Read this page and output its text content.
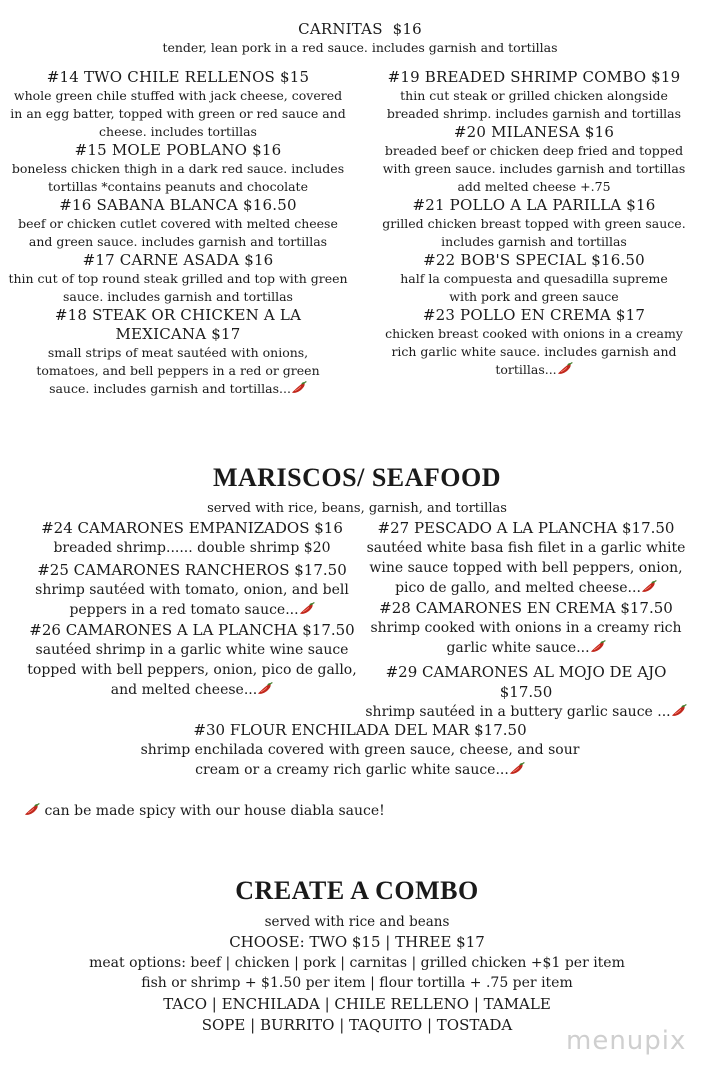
CARNITAS $16
tender, lean pork in a red sauce. includes garnish and tortillas
#14 TWO CHILE RELLENOS $15
whole green chile stuffed with jack cheese, covered in an egg batter, topped with green or red sauce and cheese. includes tortillas
#15 MOLE POBLANO $16
boneless chicken thigh in a dark red sauce. includes tortillas *contains peanuts and chocolate
#16 SABANA BLANCA $16.50
beef or chicken cutlet covered with melted cheese and green sauce. includes garnish and tortillas
#17 CARNE ASADA $16
thin cut of top round steak grilled and top with green sauce. includes garnish and tortillas
#18 STEAK OR CHICKEN A LA MEXICANA $17
small strips of meat sautéed with onions, tomatoes, and bell peppers in a red or green sauce. includes garnish and tortillas...
#19 BREADED SHRIMP COMBO $19
thin cut steak or grilled chicken alongside breaded shrimp. includes garnish and tortillas
#20 MILANESA $16
breaded beef or chicken deep fried and topped with green sauce. includes garnish and tortillas
add melted cheese +.75
#21 POLLO A LA PARILLA $16
grilled chicken breast topped with green sauce. includes garnish and tortillas
#22 BOB'S SPECIAL $16.50
half la compuesta and quesadilla supreme with pork and green sauce
#23 POLLO EN CREMA $17
chicken breast cooked with onions in a creamy rich garlic white sauce. includes garnish and tortillas...
MARISCOS/ SEAFOOD
served with rice, beans, garnish, and tortillas
#24 CAMARONES EMPANIZADOS $16
breaded shrimp...... double shrimp $20
#25 CAMARONES RANCHEROS $17.50
shrimp sautéed with tomato, onion, and bell peppers in a red tomato sauce...
#26 CAMARONES A LA PLANCHA $17.50
sautéed shrimp in a garlic white wine sauce topped with bell peppers, onion, pico de gallo, and melted cheese...
#27 PESCADO A LA PLANCHA $17.50
sautéed white basa fish filet in a garlic white wine sauce topped with bell peppers, onion, pico de gallo, and melted cheese...
#28 CAMARONES EN CREMA $17.50
shrimp cooked with onions in a creamy rich garlic white sauce...
#29 CAMARONES AL MOJO DE AJO $17.50
shrimp sautéed in a buttery garlic sauce ...
#30 FLOUR ENCHILADA DEL MAR $17.50
shrimp enchilada covered with green sauce, cheese, and sour cream or a creamy rich garlic white sauce...
can be made spicy with our house diabla sauce!
CREATE A COMBO
served with rice and beans
CHOOSE: TWO $15 | THREE $17
meat options: beef | chicken | pork | carnitas | grilled chicken +$1 per item
fish or shrimp + $1.50 per item | flour tortilla + .75 per item
TACO | ENCHILADA | CHILE RELLENO | TAMALE
SOPE | BURRITO | TAQUITO | TOSTADA
menupix
